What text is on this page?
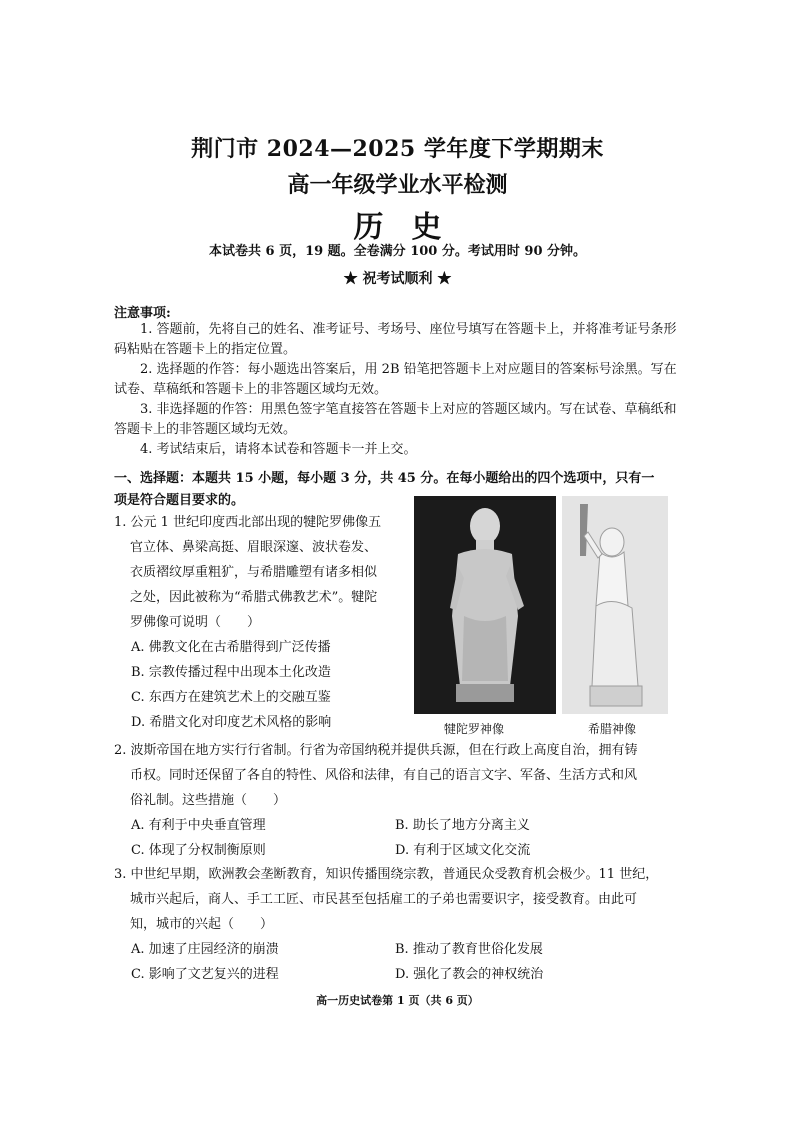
荆门市 2024—2025 学年度下学期期末
高一年级学业水平检测
历史
本试卷共 6 页，19 题。全卷满分 100 分。考试用时 90 分钟。
★ 祝考试顺利 ★
注意事项:
1. 答题前，先将自己的姓名、准考证号、考场号、座位号填写在答题卡上，并将准考证号条形码粘贴在答题卡上的指定位置。
2. 选择题的作答：每小题选出答案后，用 2B 铅笔把答题卡上对应题目的答案标号涂黑。写在试卷、草稿纸和答题卡上的非答题区域均无效。
3. 非选择题的作答：用黑色签字笔直接答在答题卡上对应的答题区域内。写在试卷、草稿纸和答题卡上的非答题区域均无效。
4. 考试结束后，请将本试卷和答题卡一并上交。
一、选择题：本题共 15 小题，每小题 3 分，共 45 分。在每小题给出的四个选项中，只有一
项是符合题目要求的。
1. 公元 1 世纪印度西北部出现的犍陀罗佛像五
官立体、鼻梁高挺、眉眼深邃、波状卷发、
衣质褶纹厚重粗犷，与希腊雕塑有诸多相似
之处，因此被称为“希腊式佛教艺术”。犍陀
罗佛像可说明（　　）
A. 佛教文化在古希腊得到广泛传播
B. 宗教传播过程中出现本土化改造
C. 东西方在建筑艺术上的交融互鉴
D. 希腊文化对印度艺术风格的影响	犍陀罗神像	希腊神像
2. 波斯帝国在地方实行行省制。行省为帝国纳税并提供兵源，但在行政上高度自治，拥有铸
币权。同时还保留了各自的特性、风俗和法律，有自己的语言文字、军备、生活方式和风
俗礼制。这些措施（　　）
A. 有利于中央垂直管理	B. 助长了地方分离主义
C. 体现了分权制衡原则	D. 有利于区域文化交流
3. 中世纪早期，欧洲教会垄断教育，知识传播围绕宗教，普通民众受教育机会极少。11 世纪，
城市兴起后，商人、手工工匠、市民甚至包括雇工的子弟也需要识字，接受教育。由此可
知，城市的兴起（　　）
A. 加速了庄园经济的崩溃	B. 推动了教育世俗化发展
C. 影响了文艺复兴的进程	D. 强化了教会的神权统治
高一历史试卷第 1 页（共 6 页）
